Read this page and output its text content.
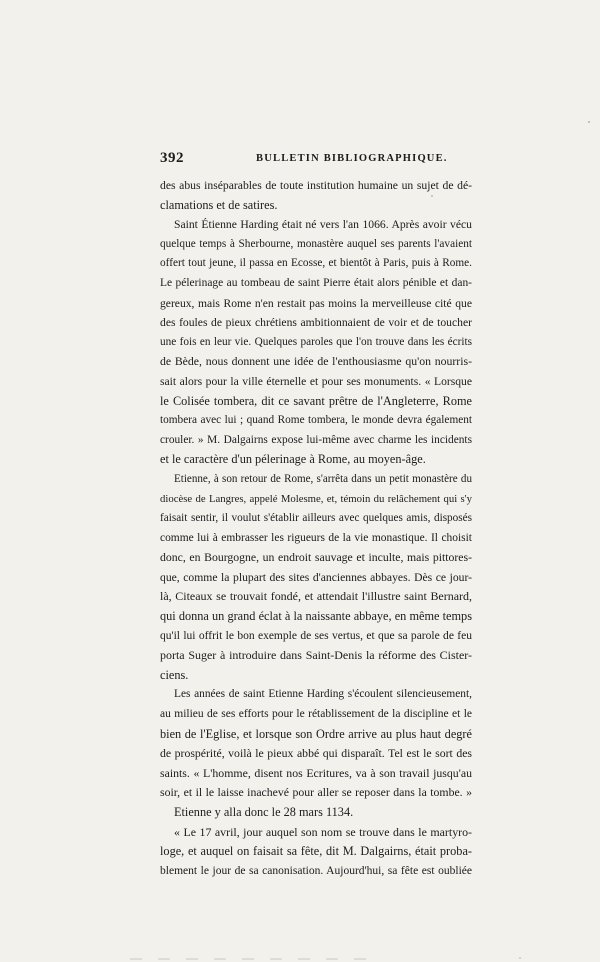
392	BULLETIN BIBLIOGRAPHIQUE.
des abus inséparables de toute institution humaine un sujet de dé-
clamations et de satires.
Saint Étienne Harding était né vers l'an 1066. Après avoir vécu
quelque temps à Sherbourne, monastère auquel ses parents l'avaient
offert tout jeune, il passa en Ecosse, et bientôt à Paris, puis à Rome.
Le pélerinage au tombeau de saint Pierre était alors pénible et dan-
gereux, mais Rome n'en restait pas moins la merveilleuse cité que
des foules de pieux chrétiens ambitionnaient de voir et de toucher
une fois en leur vie. Quelques paroles que l'on trouve dans les écrits
de Bède, nous donnent une idée de l'enthousiasme qu'on nourris-
sait alors pour la ville éternelle et pour ses monuments. « Lorsque
le Colisée tombera, dit ce savant prêtre de l'Angleterre, Rome
tombera avec lui ; quand Rome tombera, le monde devra également
crouler. » M. Dalgairns expose lui-même avec charme les incidents
et le caractère d'un pélerinage à Rome, au moyen-âge.
Etienne, à son retour de Rome, s'arrêta dans un petit monastère du
diocèse de Langres, appelé Molesme, et, témoin du relâchement qui s'y
faisait sentir, il voulut s'établir ailleurs avec quelques amis, disposés
comme lui à embrasser les rigueurs de la vie monastique. Il choisit
donc, en Bourgogne, un endroit sauvage et inculte, mais pittores-
que, comme la plupart des sites d'anciennes abbayes. Dès ce jour-
là, Citeaux se trouvait fondé, et attendait l'illustre saint Bernard,
qui donna un grand éclat à la naissante abbaye, en même temps
qu'il lui offrit le bon exemple de ses vertus, et que sa parole de feu
porta Suger à introduire dans Saint-Denis la réforme des Cister-
ciens.
Les années de saint Etienne Harding s'écoulent silencieusement,
au milieu de ses efforts pour le rétablissement de la discipline et le
bien de l'Eglise, et lorsque son Ordre arrive au plus haut degré
de prospérité, voilà le pieux abbé qui disparaît. Tel est le sort des
saints. « L'homme, disent nos Ecritures, va à son travail jusqu'au
soir, et il le laisse inachevé pour aller se reposer dans la tombe. »
Etienne y alla donc le 28 mars 1134.
« Le 17 avril, jour auquel son nom se trouve dans le martyro-
loge, et auquel on faisait sa fête, dit M. Dalgairns, était proba-
blement le jour de sa canonisation. Aujourd'hui, sa fête est oubliée
